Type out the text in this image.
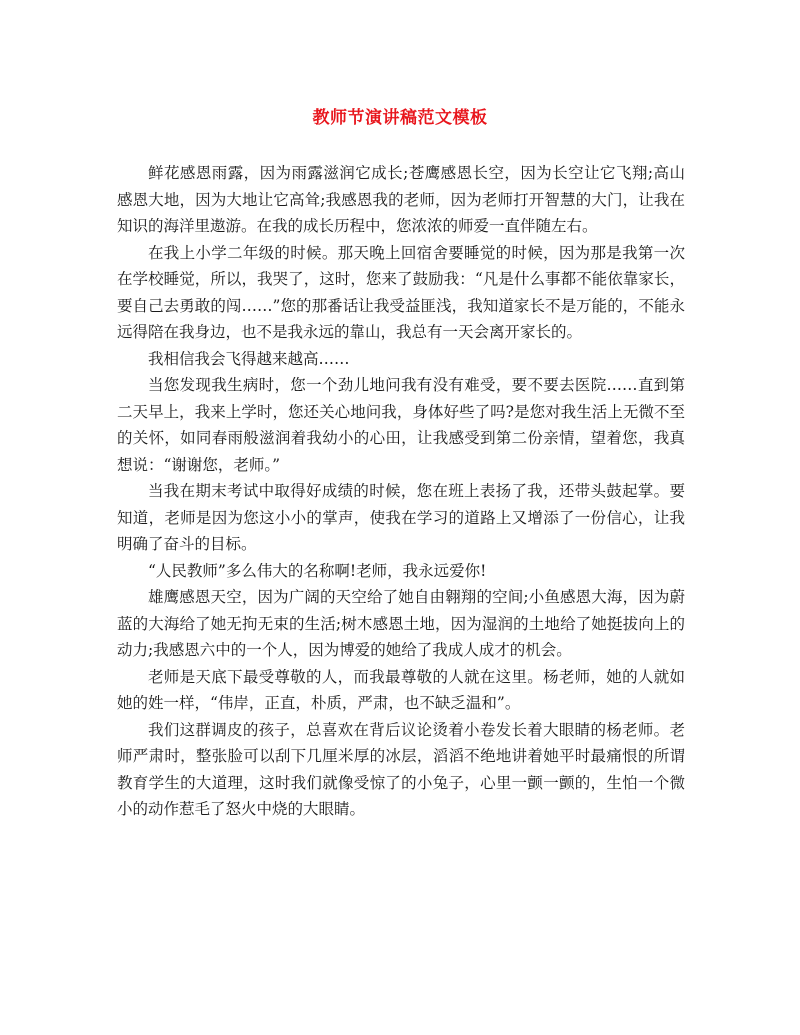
教师节演讲稿范文模板

鲜花感恩雨露，因为雨露滋润它成长;苍鹰感恩长空，因为长空让它飞翔;高山感恩大地，因为大地让它高耸;我感恩我的老师，因为老师打开智慧的大门，让我在知识的海洋里遨游。在我的成长历程中，您浓浓的师爱一直伴随左右。

在我上小学二年级的时候。那天晚上回宿舍要睡觉的时候，因为那是我第一次在学校睡觉，所以，我哭了，这时，您来了鼓励我：“凡是什么事都不能依靠家长，要自己去勇敢的闯……”您的那番话让我受益匪浅，我知道家长不是万能的，不能永远得陪在我身边，也不是我永远的靠山，我总有一天会离开家长的。

我相信我会飞得越来越高……

当您发现我生病时，您一个劲儿地问我有没有难受，要不要去医院……直到第二天早上，我来上学时，您还关心地问我，身体好些了吗?是您对我生活上无微不至的关怀，如同春雨般滋润着我幼小的心田，让我感受到第二份亲情，望着您，我真想说：“谢谢您，老师。”

当我在期末考试中取得好成绩的时候，您在班上表扬了我，还带头鼓起掌。要知道，老师是因为您这小小的掌声，使我在学习的道路上又增添了一份信心，让我明确了奋斗的目标。

“人民教师”多么伟大的名称啊!老师，我永远爱你!

雄鹰感恩天空，因为广阔的天空给了她自由翱翔的空间;小鱼感恩大海，因为蔚蓝的大海给了她无拘无束的生活;树木感恩土地，因为湿润的土地给了她挺拔向上的动力;我感恩六中的一个人，因为博爱的她给了我成人成才的机会。

老师是天底下最受尊敬的人，而我最尊敬的人就在这里。杨老师，她的人就如她的姓一样，“伟岸，正直，朴质，严肃，也不缺乏温和”。

我们这群调皮的孩子，总喜欢在背后议论烫着小卷发长着大眼睛的杨老师。老师严肃时，整张脸可以刮下几厘米厚的冰层，滔滔不绝地讲着她平时最痛恨的所谓教育学生的大道理，这时我们就像受惊了的小兔子，心里一颤一颤的，生怕一个微小的动作惹毛了怒火中烧的大眼睛。
